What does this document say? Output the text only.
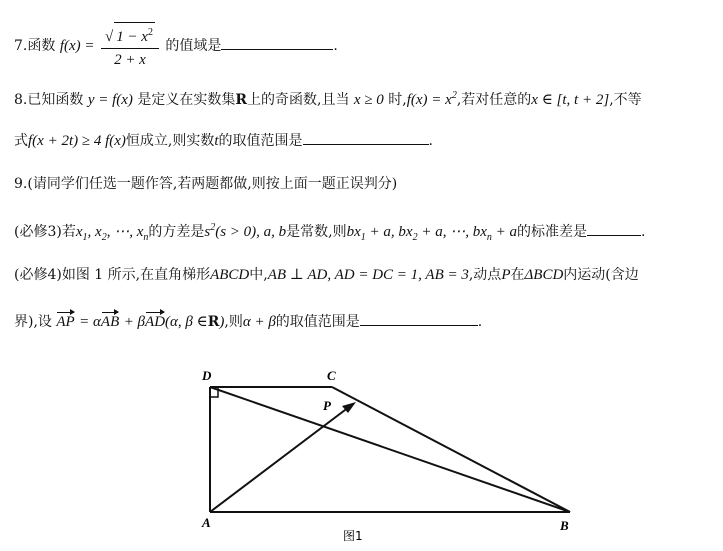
7.函数 $f(x) = \frac{√ 1 - x^2}{2 + x}$ 的值域是	.
8.已知函数 y = f(x) 是定义在实数集R上的奇函数,且当 x ≥ 0 时$,f(x) = x^2$,若对任意的x ∈ [t, t + 2],不等
式f(x + 2t) ≥ 4 f(x)恒成立,则实数t的取值范围是	.
9.(请同学们任选一题作答,若两题都做,则按上面一题正误判分)
(必修3)若$x_1$, $x_2$, ⋯, $x_n$的方差是$s^2(s > 0)$, a, b是常数,则$bx_1 + a$, $bx_2 + a$, ⋯, $bx_n + a$的标准差是	.
(必修4)如图 1 所示,在直角梯形ABCD中,AB ⊥ AD, AD = DC = 1, AB = 3,动点P在ΔBCD内运动(含边
界),设 AP = αAB + βAD(α, β ∈R),则α + β的取值范围是	.
D	C
P
A	B
图1
